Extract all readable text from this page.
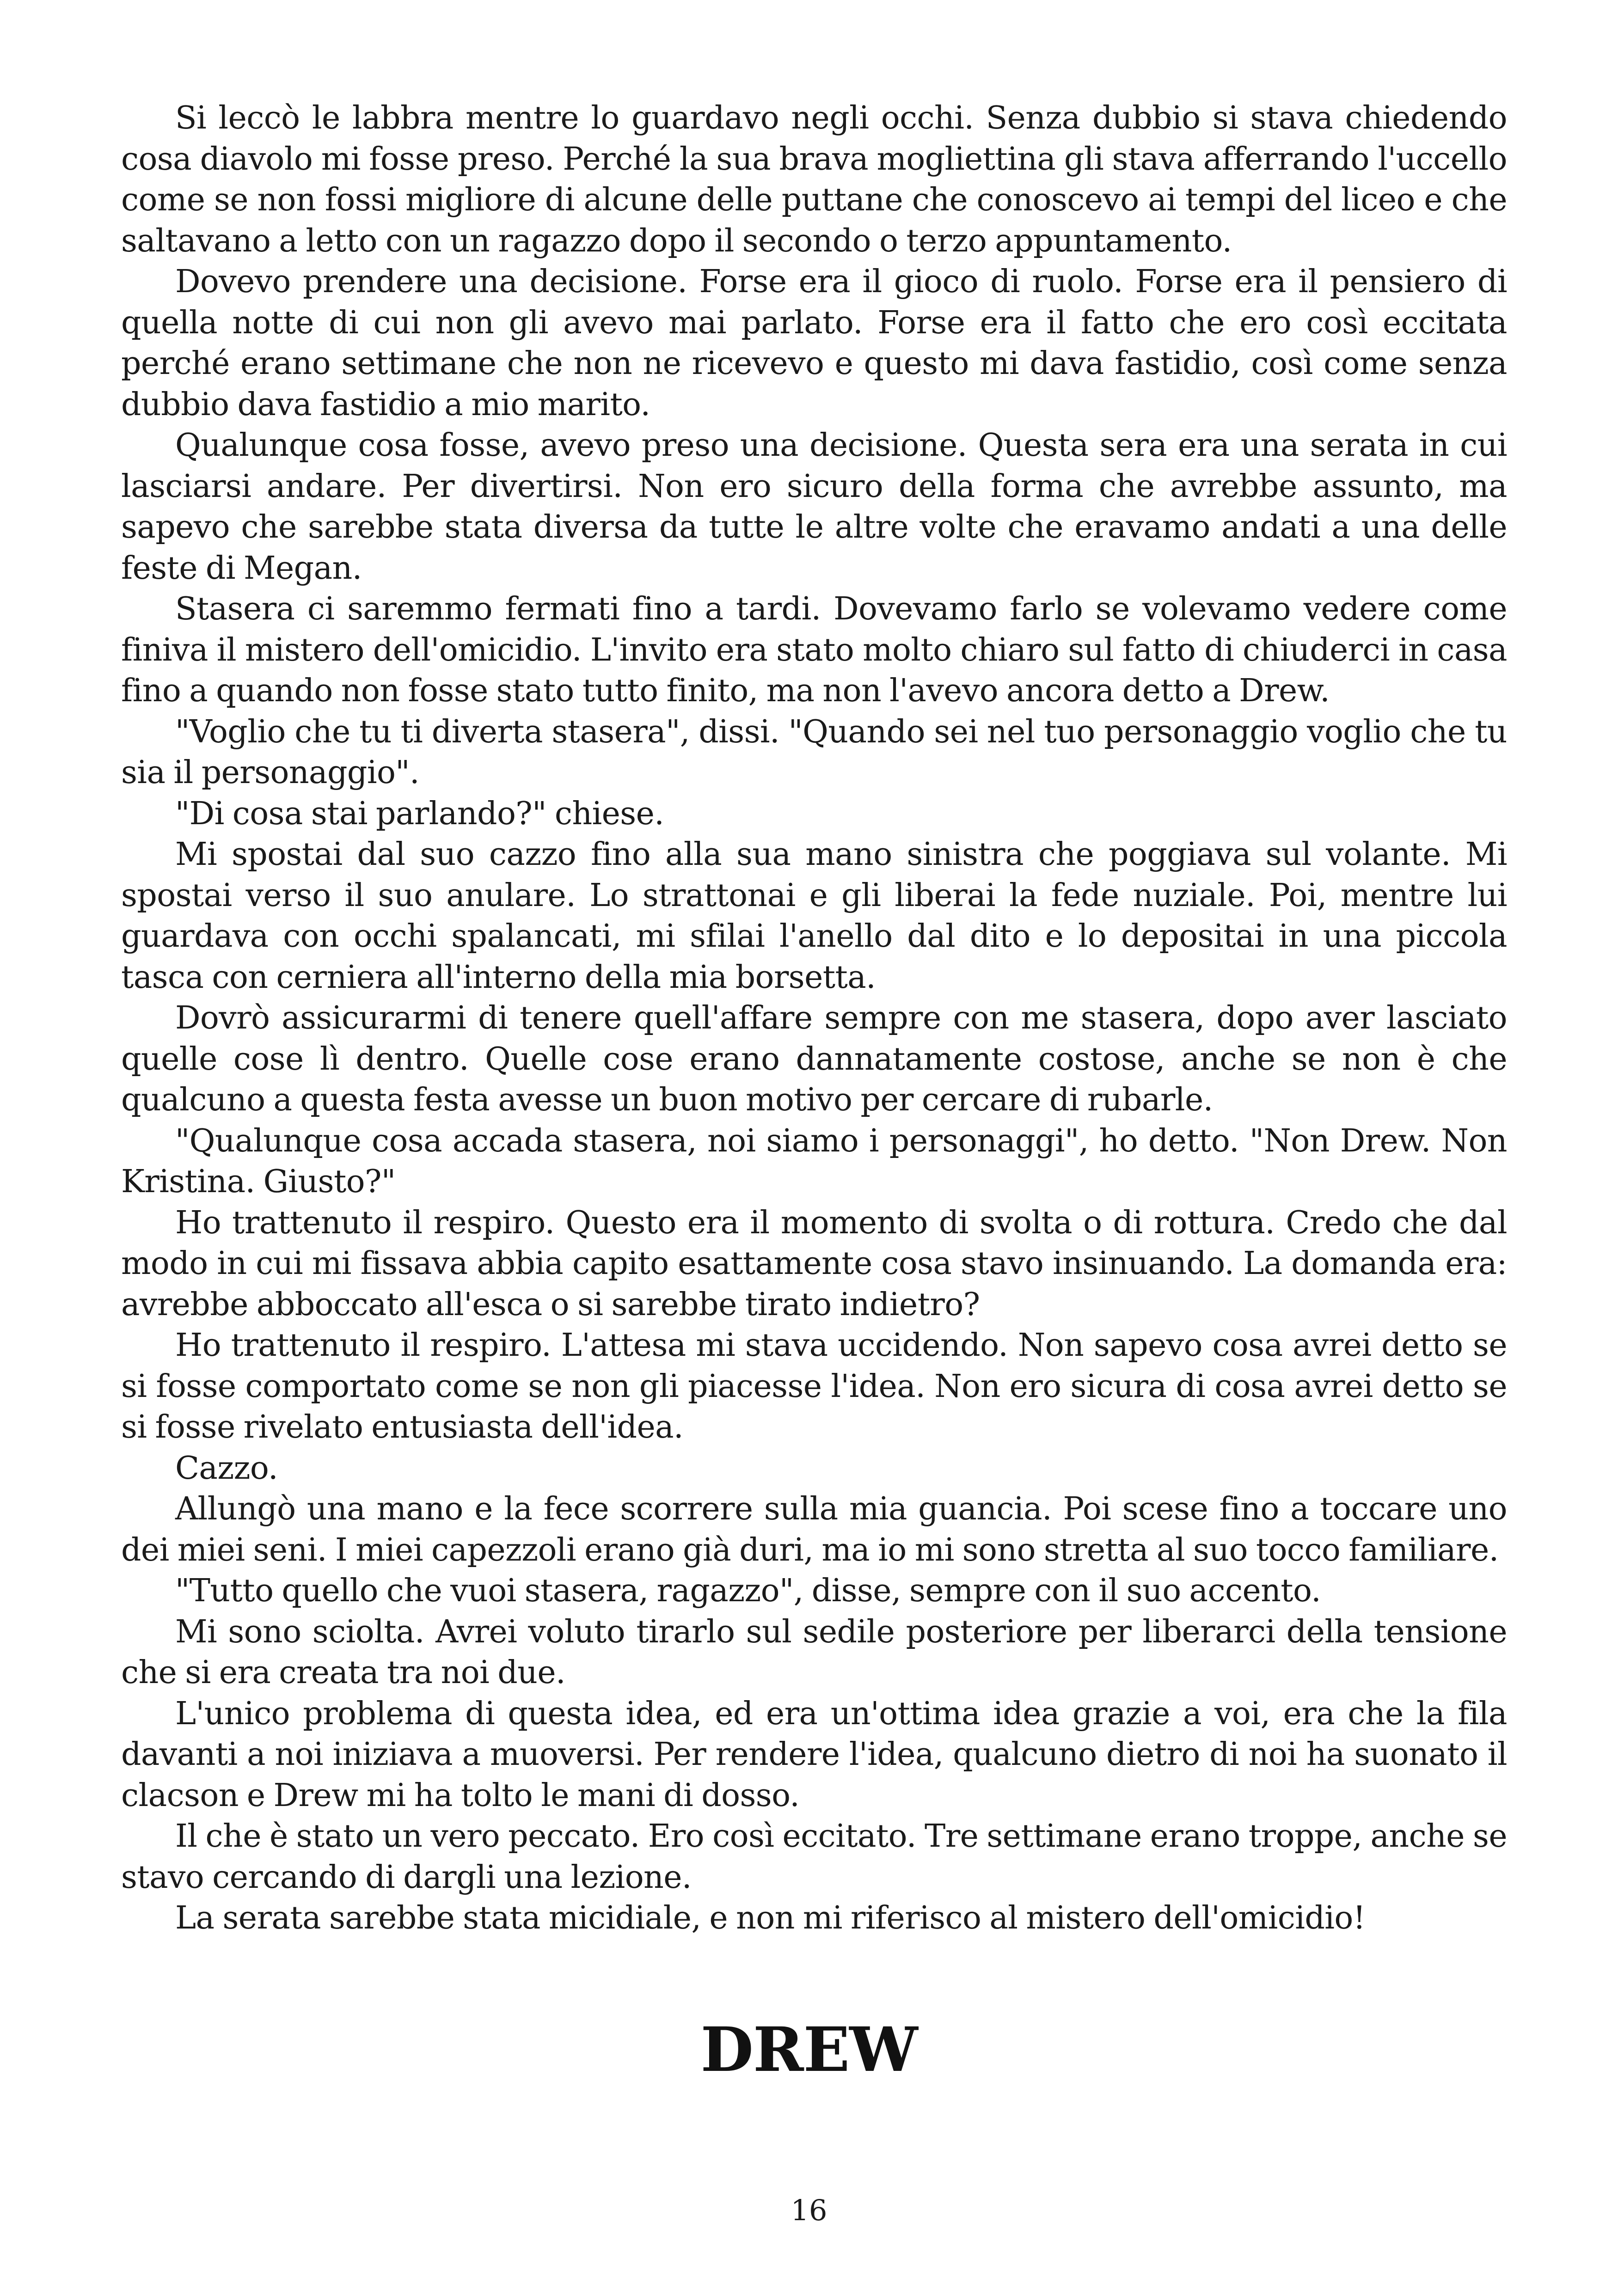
Si leccò le labbra mentre lo guardavo negli occhi. Senza dubbio si stava chiedendo cosa diavolo mi fosse preso. Perché la sua brava mogliettina gli stava afferrando l'uccello come se non fossi migliore di alcune delle puttane che conoscevo ai tempi del liceo e che saltavano a letto con un ragazzo dopo il secondo o terzo appuntamento.

Dovevo prendere una decisione. Forse era il gioco di ruolo. Forse era il pensiero di quella notte di cui non gli avevo mai parlato. Forse era il fatto che ero così eccitata perché erano settimane che non ne ricevevo e questo mi dava fastidio, così come senza dubbio dava fastidio a mio marito.

Qualunque cosa fosse, avevo preso una decisione. Questa sera era una serata in cui lasciarsi andare. Per divertirsi. Non ero sicuro della forma che avrebbe assunto, ma sapevo che sarebbe stata diversa da tutte le altre volte che eravamo andati a una delle feste di Megan.

Stasera ci saremmo fermati fino a tardi. Dovevamo farlo se volevamo vedere come finiva il mistero dell'omicidio. L'invito era stato molto chiaro sul fatto di chiuderci in casa fino a quando non fosse stato tutto finito, ma non l'avevo ancora detto a Drew.

"Voglio che tu ti diverta stasera", dissi. "Quando sei nel tuo personaggio voglio che tu sia il personaggio".

"Di cosa stai parlando?" chiese.

Mi spostai dal suo cazzo fino alla sua mano sinistra che poggiava sul volante. Mi spostai verso il suo anulare. Lo strattonai e gli liberai la fede nuziale. Poi, mentre lui guardava con occhi spalancati, mi sfilai l'anello dal dito e lo depositai in una piccola tasca con cerniera all'interno della mia borsetta.

Dovrò assicurarmi di tenere quell'affare sempre con me stasera, dopo aver lasciato quelle cose lì dentro. Quelle cose erano dannatamente costose, anche se non è che qualcuno a questa festa avesse un buon motivo per cercare di rubarle.

"Qualunque cosa accada stasera, noi siamo i personaggi", ho detto. "Non Drew. Non Kristina. Giusto?"

Ho trattenuto il respiro. Questo era il momento di svolta o di rottura. Credo che dal modo in cui mi fissava abbia capito esattamente cosa stavo insinuando. La domanda era: avrebbe abboccato all'esca o si sarebbe tirato indietro?

Ho trattenuto il respiro. L'attesa mi stava uccidendo. Non sapevo cosa avrei detto se si fosse comportato come se non gli piacesse l'idea. Non ero sicura di cosa avrei detto se si fosse rivelato entusiasta dell'idea.

Cazzo.

Allungò una mano e la fece scorrere sulla mia guancia. Poi scese fino a toccare uno dei miei seni. I miei capezzoli erano già duri, ma io mi sono stretta al suo tocco familiare.

"Tutto quello che vuoi stasera, ragazzo", disse, sempre con il suo accento.

Mi sono sciolta. Avrei voluto tirarlo sul sedile posteriore per liberarci della tensione che si era creata tra noi due.

L'unico problema di questa idea, ed era un'ottima idea grazie a voi, era che la fila davanti a noi iniziava a muoversi. Per rendere l'idea, qualcuno dietro di noi ha suonato il clacson e Drew mi ha tolto le mani di dosso.

Il che è stato un vero peccato. Ero così eccitato. Tre settimane erano troppe, anche se stavo cercando di dargli una lezione.

La serata sarebbe stata micidiale, e non mi riferisco al mistero dell'omicidio!

DREW
16
